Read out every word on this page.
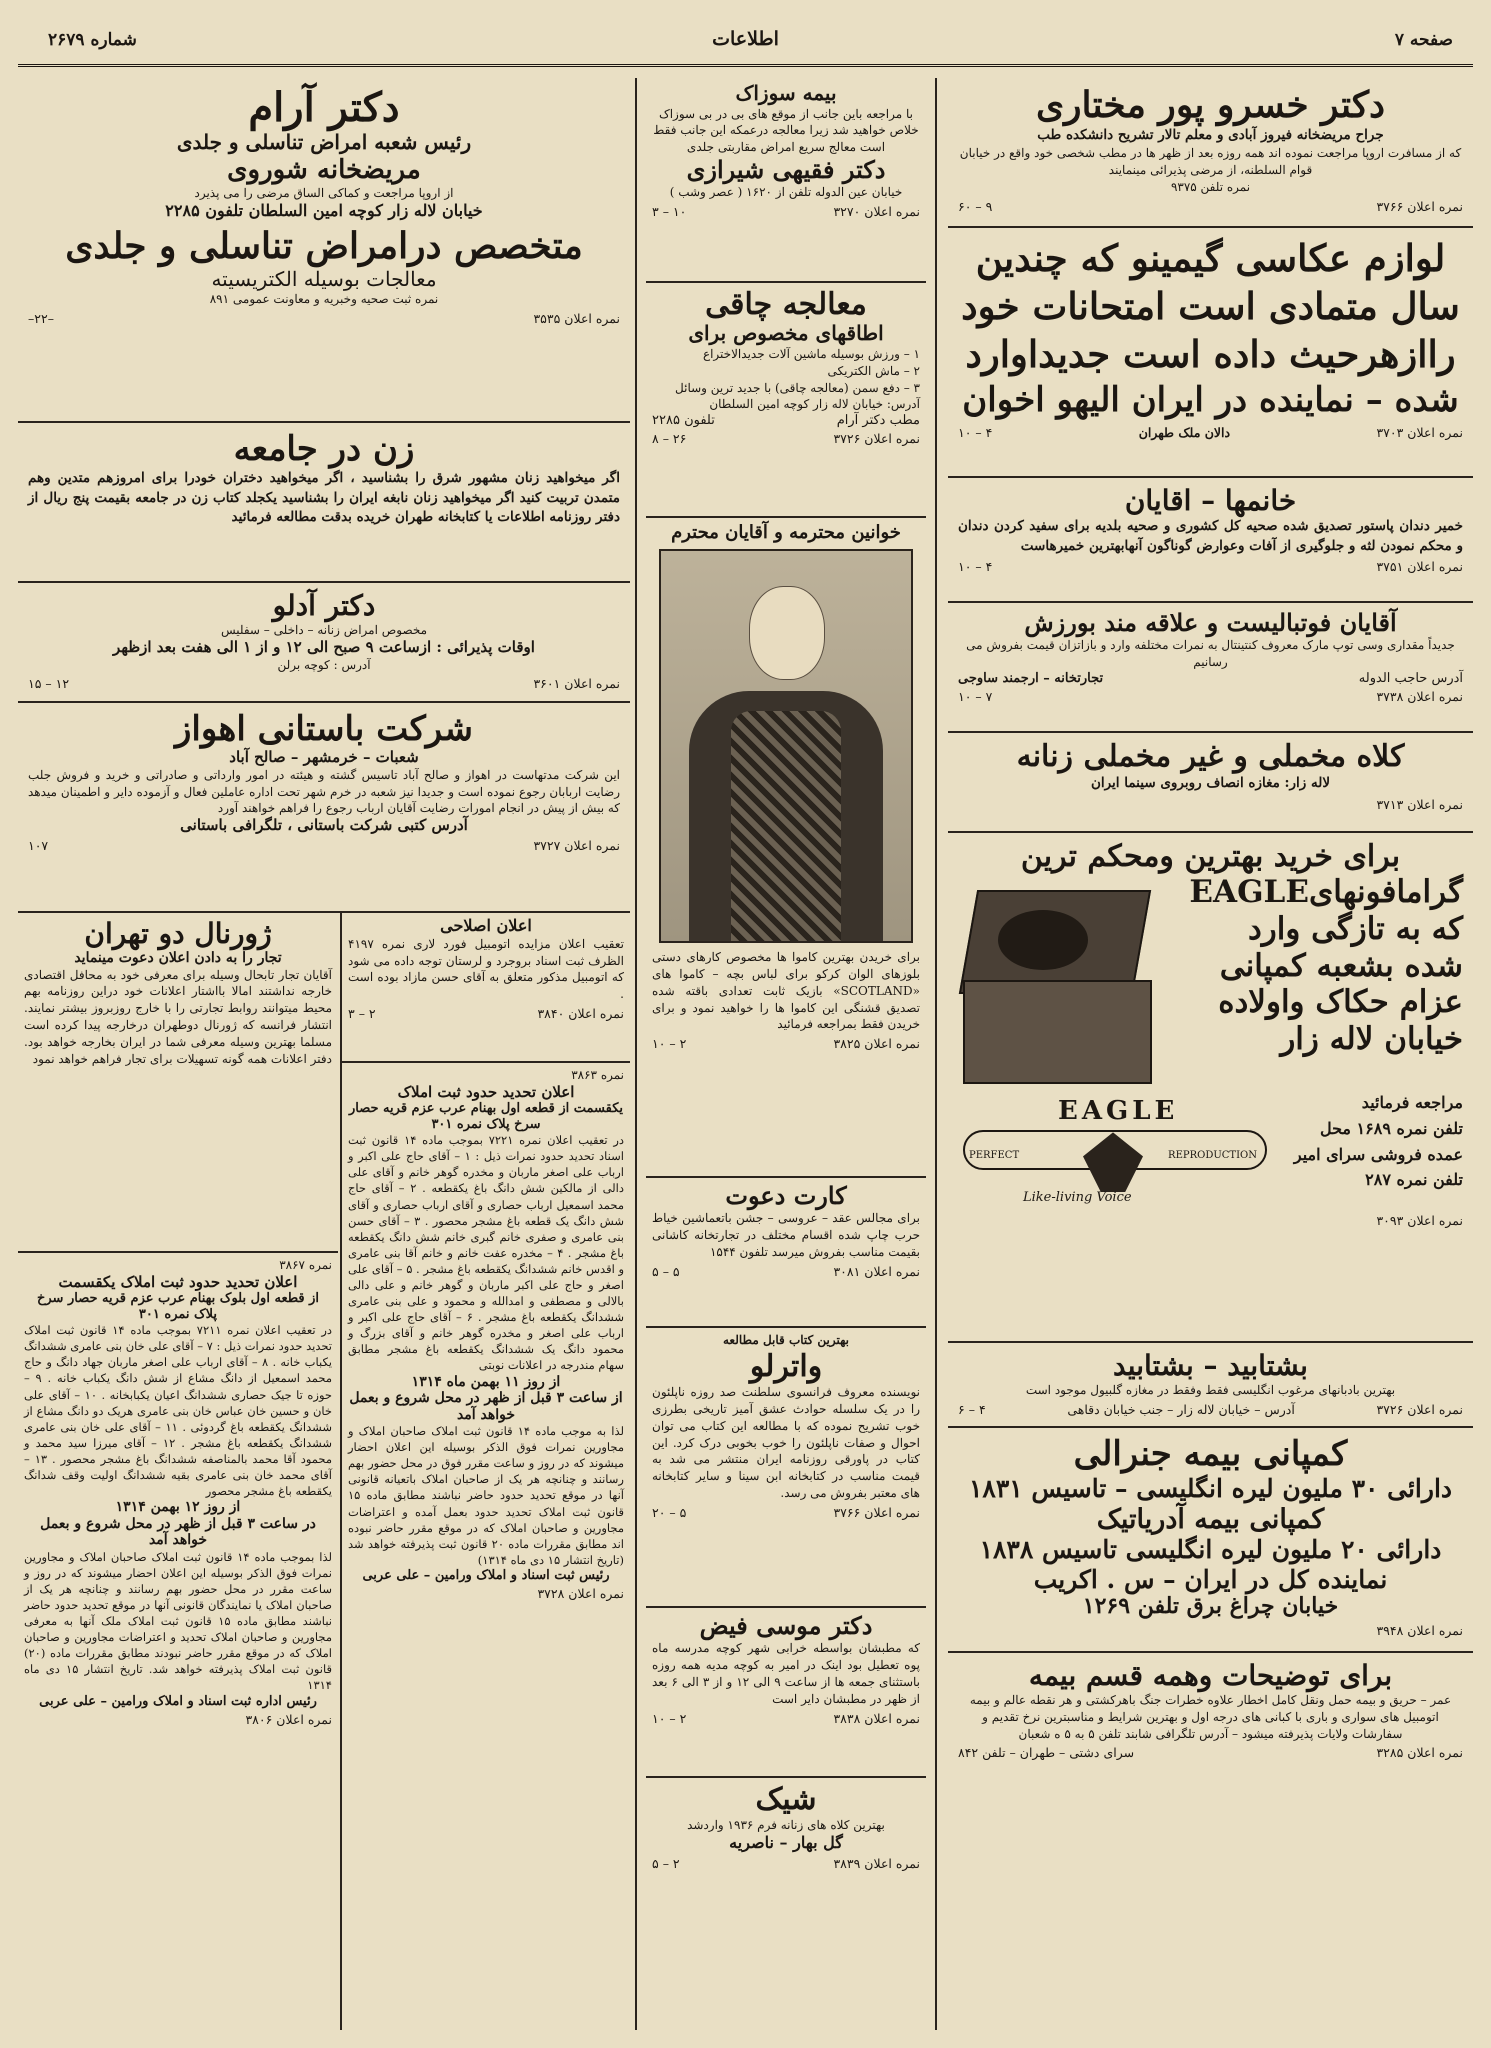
شماره ۲۶۷۹	اطلاعات	صفحه ۷
دکتر خسرو پور مختاری
جراح مریضخانه فیروز آبادی و معلم تالار تشریح دانشکده طب
که از مسافرت اروپا مراجعت نموده اند همه روزه بعد از ظهر ها در مطب شخصی خود واقع در خیابان قوام السلطنه، از مرضی پذیرائی مینمایند
نمره تلفن ۹۳۷۵
نمره اعلان ۳۷۶۶
۹ – ۶۰
لوازم عکاسی گیمینو که چندین
سال متمادی است امتحانات خود
راازهرحیث داده است جدیداوارد
شده – نماینده در ایران الیهو اخوان
نمره اعلان ۳۷۰۳
دالان ملک طهران
۴ – ۱۰
خانمها – اقایان
خمیر دندان پاستور تصدیق شده صحیه کل کشوری و صحیه بلدیه برای سفید کردن دندان و محکم نمودن لثه و جلوگیری از آفات وعوارض گوناگون آنهابهترین خمیرهاست
نمره اعلان ۳۷۵۱
۴ – ۱۰
آقایان فوتبالیست و علاقه مند بورزش
جدیداً مقداری وسی توپ مارک معروف کنتینتال به نمرات مختلفه وارد و بازاتزان قیمت بفروش می رسانیم
آدرس حاجب الدوله
تجارتخانه – ارجمند ساوجی
نمره اعلان ۳۷۳۸
۷ – ۱۰
کلاه مخملی و غیر مخملی زنانه
لاله زار: مغازه انصاف روبروی سینما ایران
نمره اعلان ۳۷۱۳
برای خرید بهترین ومحکم ترین
گرامافونهایEAGLE
که به تازگی وارد
شده بشعبه کمپانی
عزام حکاک واولاده
خیابان لاله زار
مراجعه فرمائید
تلفن نمره ۱۶۸۹ محل
عمده فروشی سرای امیر
تلفن نمره ۲۸۷
EAGLE
PERFECT	REPRODUCTION
Like-living Voice
نمره اعلان ۳۰۹۳
بشتابید – بشتابید
بهترین بادبانهای مرغوب انگلیسی فقط وفقط در مغازه گلبیول موجود است
نمره اعلان ۳۷۲۶
آدرس – خیابان لاله زار – جنب خیابان دقاهی
۴ – ۶
کمپانی بیمه جنرالی
دارائی ۳۰ ملیون لیره انگلیسی – تاسیس ۱۸۳۱
کمپانی بیمه آدریاتیک
دارائی ۲۰ ملیون لیره انگلیسی تاسیس ۱۸۳۸
نماینده کل در ایران – س . اکریب
خیابان چراغ برق تلفن ۱۲۶۹
نمره اعلان ۳۹۴۸
برای توضیحات وهمه قسم بیمه
عمر – حریق و بیمه حمل ونقل کامل اخطار علاوه خطرات جنگ باهرکشتی و هر نقطه عالم و بیمه اتومبیل های سواری و باری با کبانی های درجه اول و بهترین شرایط و مناسبترین نرخ تقدیم و سفارشات ولایات پذیرفته میشود – آدرس تلگرافی شابند تلفن ۵ به ۵ ه شعبان
نمره اعلان ۳۲۸۵
سرای دشتی – طهران – تلفن ۸۴۲
بیمه سوزاک
با مراجعه باین جانب از موقع های بی در بی سوزاک خلاص خواهید شد زیرا معالجه درعمکه این جانب فقط است معالج سریع امراض مقاربتی جلدی
دکتر فقیهی شیرازی
خیابان عین الدوله تلفن از ۱۶۲۰ ( عصر وشب )
نمره اعلان ۳۲۷۰
۱۰ – ۳
معالجه چاقی
اطاقهای مخصوص برای
۱ – ورزش بوسیله ماشین آلات جدیدالاختراع
۲ – ماش الکتریکی
۳ – دفع سمن (معالجه چاقی) با جدید ترین وسائل
آدرس: خیابان لاله زار کوچه امین السلطان
مطب دکتر آرام
تلفون ۲۲۸۵
نمره اعلان ۳۷۲۶
۲۶ – ۸
خوانین محترمه و آقایان محترم
برای خریدن بهترین کاموا ها مخصوص کارهای دستی بلوزهای الوان کرکو برای لباس بچه – کاموا های «SCOTLAND» بازیک ثابت تعدادی باقته شده تصدیق قشنگی این کاموا ها را خواهید نمود و برای خریدن فقط بمراجعه فرمائید
نمره اعلان ۳۸۲۵
۲ – ۱۰
کارت دعوت
برای مجالس عقد – عروسی – جشن باتعماشین خیاط حرب چاپ شده اقسام مختلف در تجارتخانه کاشانی بقیمت مناسب بفروش میرسد تلفون ۱۵۴۴
نمره اعلان ۳۰۸۱
۵ – ۵
بهترین کتاب قابل مطالعه
واترلو
نویسنده معروف فرانسوی سلطنت صد روزه ناپلئون را در یک سلسله حوادث عشق آمیز تاریخی بطرزی خوب تشریح نموده که با مطالعه این کتاب می توان احوال و صفات ناپلئون را خوب بخوبی درک کرد. این کتاب در پاورقی روزنامه ایران منتشر می شد به قیمت مناسب در کتابخانه ابن سینا و سایر کتابخانه های معتبر بفروش می رسد.
نمره اعلان ۳۷۶۶
۵ – ۲۰
دکتر موسی فیض
که مطبشان بواسطه خرابی شهر کوچه مدرسه ماه پوه تعطیل بود اینک در امیر به کوچه مدیه همه روزه باستثنای جمعه ها از ساعت ۹ الی ۱۲ و از ۳ الی ۶ بعد از ظهر در مطبشان دایر است
نمره اعلان ۳۸۳۸
۲ – ۱۰
شیک
بهترین کلاه های زنانه فرم ۱۹۳۶ واردشد
گل بهار – ناصریه
نمره اعلان ۳۸۳۹
۲ – ۵
دکتر آرام
رئیس شعبه امراض تناسلی و جلدی
مریضخانه شوروی
از اروپا مراجعت و کماکی الساق مرضی را می پذیرد
خیابان لاله زار کوچه امین السلطان تلفون ۲۲۸۵
متخصص درامراض تناسلی و جلدی
معالجات بوسیله الکتریسیته
نمره ثبت صحیه وخبریه و معاونت عمومی ۸۹۱
نمره اعلان ۳۵۳۵
–۲۲–
زن در جامعه
اگر میخواهید زنان مشهور شرق را بشناسید ، اگر میخواهید دختران خودرا برای امروزهم متدین وهم متمدن تربیت کنید اگر میخواهید زنان نابغه ایران را بشناسید یکجلد کتاب زن در جامعه بقیمت پنج ریال از دفتر روزنامه اطلاعات یا کتابخانه طهران خریده بدقت مطالعه فرمائید
دکتر آدلو
مخصوص امراض زنانه – داخلی – سفلیس
اوقات پذیرائی : ازساعت ۹ صبح الی ۱۲ و از ۱ الی هفت بعد ازظهر
آدرس : کوچه برلن
نمره اعلان ۳۶۰۱
۱۲ – ۱۵
شرکت باستانی اهواز
شعبات – خرمشهر – صالح آباد
این شرکت مدتهاست در اهواز و صالح آباد تاسیس گشته و هیئته در امور وارداتی و صادراتی و خرید و فروش جلب رضایت اربابان رجوع نموده است و جدیدا نیز شعبه در خرم شهر تحت اداره عاملین فعال و آزموده دایر و اطمینان میدهد که بیش از پیش در انجام امورات رضایت آقایان ارباب رجوع را فراهم خواهند آورد
آدرس کتبی شرکت باستانی ، تلگرافی باستانی
نمره اعلان ۳۷۲۷
۱۰۷
اعلان اصلاحی
تعقیب اعلان مزایده اتومبیل فورد لاری نمره ۴۱۹۷ الظرف ثبت اسناد بروجرد و لرستان توجه داده می شود که اتومبیل مذکور متعلق به آقای حسن مازاد بوده است .
نمره اعلان ۳۸۴۰
۲ – ۳
نمره ۳۸۶۳
اعلان تحدید حدود ثبت املاک
یکقسمت از قطعه اول بهنام عرب عزم قریه حصار سرخ پلاک نمره ۳۰۱
در تعقیب اعلان نمره ۷۲۲۱ بموجب ماده ۱۴ قانون ثبت اسناد تحدید حدود نمرات ذیل : ۱ – آقای حاج علی اکبر و ارباب علی اصغر ماربان و مخدره گوهر خانم و آقای علی دالی از مالکین شش دانگ باغ یکقطعه . ۲ – آقای حاج محمد اسمعیل ارباب حصاری و آقای ارباب حصاری و آقای شش دانگ یک قطعه باغ مشجر محصور . ۳ – آقای حسن بنی عامری و صفری خانم گبری خانم شش دانگ یکقطعه باغ مشجر . ۴ – مخدره عفت خانم و خانم آقا بنی عامری و اقدس خانم ششدانگ یکقطعه باغ مشجر . ۵ – آقای علی اصغر و حاج علی اکبر ماربان و گوهر خانم و علی دالی بالالی و مصطفی و امدالله و محمود و علی بنی عامری ششدانگ یکقطعه باغ مشجر . ۶ – آقای حاج علی اکبر و ارباب علی اصغر و مخدره گوهر خانم و آقای بزرگ و محمود دانگ یک ششدانگ یکقطعه باغ مشجر مطابق سهام مندرجه در اعلانات نوبتی
از روز ۱۱ بهمن ماه ۱۳۱۴
از ساعت ۳ قبل از ظهر در محل شروع و بعمل خواهد آمد
لذا به موجب ماده ۱۴ قانون ثبت املاک صاحبان املاک و مجاورین نمرات فوق الذکر بوسیله این اعلان احضار میشوند که در روز و ساعت مقرر فوق در محل حضور بهم رسانند و چنانچه هر یک از صاحبان املاک باتعیانه قانونی آنها در موقع تحدید حدود حاضر نباشند مطابق ماده ۱۵ قانون ثبت املاک تحدید حدود بعمل آمده و اعتراضات مجاورین و صاحبان املاک که در موقع مقرر حاضر نبوده اند مطابق مقررات ماده ۲۰ قانون ثبت پذیرفته خواهد شد (تاریخ انتشار ۱۵ دی ماه ۱۳۱۴)
رئیس ثبت اسناد و املاک ورامین – علی عربی
نمره اعلان ۳۷۲۸
ژورنال دو تهران
تجار را به دادن اعلان دعوت مینماید
آقایان تجار تابحال وسیله برای معرفی خود به محافل اقتصادی خارجه نداشتند امالا بااشتار اعلانات خود دراین روزنامه بهم محیط میتوانند روابط تجارتی را با خارج روزبروز بیشتر نمایند. انتشار فرانسه که ژورنال دوطهران درخارجه پیدا کرده است مسلما بهترین وسیله معرفی شما در ایران بخارجه خواهد بود. دفتر اعلانات همه گونه تسهیلات برای تجار فراهم خواهد نمود
نمره ۳۸۶۷
اعلان تحدید حدود ثبت املاک یکقسمت
از قطعه اول بلوک بهنام عرب عزم قریه حصار سرخ پلاک نمره ۳۰۱
در تعقیب اعلان نمره ۷۲۱۱ بموجب ماده ۱۴ قانون ثبت املاک تحدید حدود نمرات ذیل : ۷ – آقای علی خان بنی عامری ششدانگ یکباب خانه . ۸ – آقای ارباب علی اصغر ماربان جهاد دانگ و حاج محمد اسمعیل از دانگ مشاع از شش دانگ یکباب خانه . ۹ – حوزه تا جیک حصاری ششدانگ اعیان یکبابخانه . ۱۰ – آقای علی خان و حسین خان عباس خان بنی عامری هریک دو دانگ مشاع از ششدانگ یکقطعه باغ گردوئی . ۱۱ – آقای علی خان بنی عامری ششدانگ یکقطعه باغ مشجر . ۱۲ – آقای میرزا سید محمد و محمود آقا محمد بالمناصفه ششدانگ باغ مشجر محصور . ۱۳ – آقای محمد خان بنی عامری بقیه ششدانگ اولیت وقف شدانگ یکقطعه باغ مشجر محصور
از روز ۱۲ بهمن ۱۳۱۴
در ساعت ۳ قبل از ظهر در محل شروع و بعمل خواهد آمد
لذا بموجب ماده ۱۴ قانون ثبت املاک صاحبان املاک و مجاورین نمرات فوق الذکر بوسیله این اعلان احضار میشوند که در روز و ساعت مقرر در محل حضور بهم رسانند و چنانچه هر یک از صاحبان املاک یا نمایندگان قانونی آنها در موقع تحدید حدود حاضر نباشند مطابق ماده ۱۵ قانون ثبت املاک ملک آنها به معرفی مجاورین و صاحبان املاک تحدید و اعتراضات مجاورین و صاحبان املاک که در موقع مقرر حاضر نبودند مطابق مقررات ماده (۲۰) قانون ثبت املاک پذیرفته خواهد شد. تاریخ انتشار ۱۵ دی ماه ۱۳۱۴
رئیس اداره ثبت اسناد و املاک ورامین – علی عربی
نمره اعلان ۳۸۰۶
